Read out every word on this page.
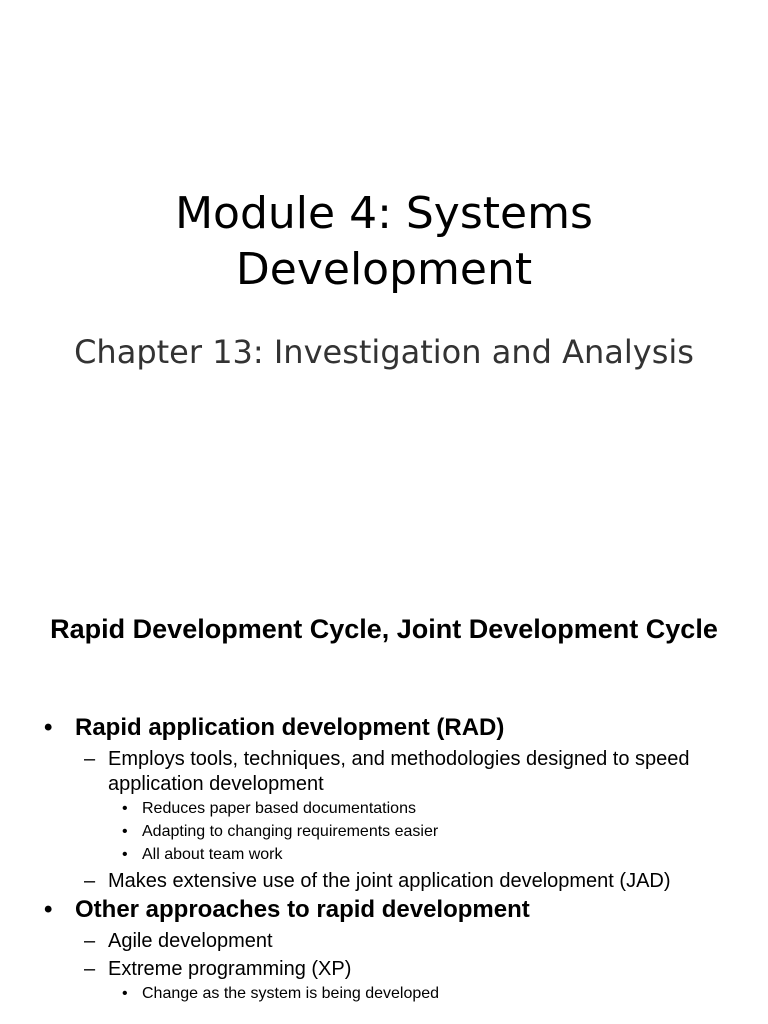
Module 4: Systems Development
Chapter 13: Investigation and Analysis
Rapid Development Cycle, Joint Development Cycle
• Rapid application development (RAD)
– Employs tools, techniques, and methodologies designed to speed application development
• Reduces paper based documentations
• Adapting to changing requirements easier
• All about team work
– Makes extensive use of the joint application development (JAD)
• Other approaches to rapid development
– Agile development
– Extreme programming (XP)
• Change as the system is being developed
